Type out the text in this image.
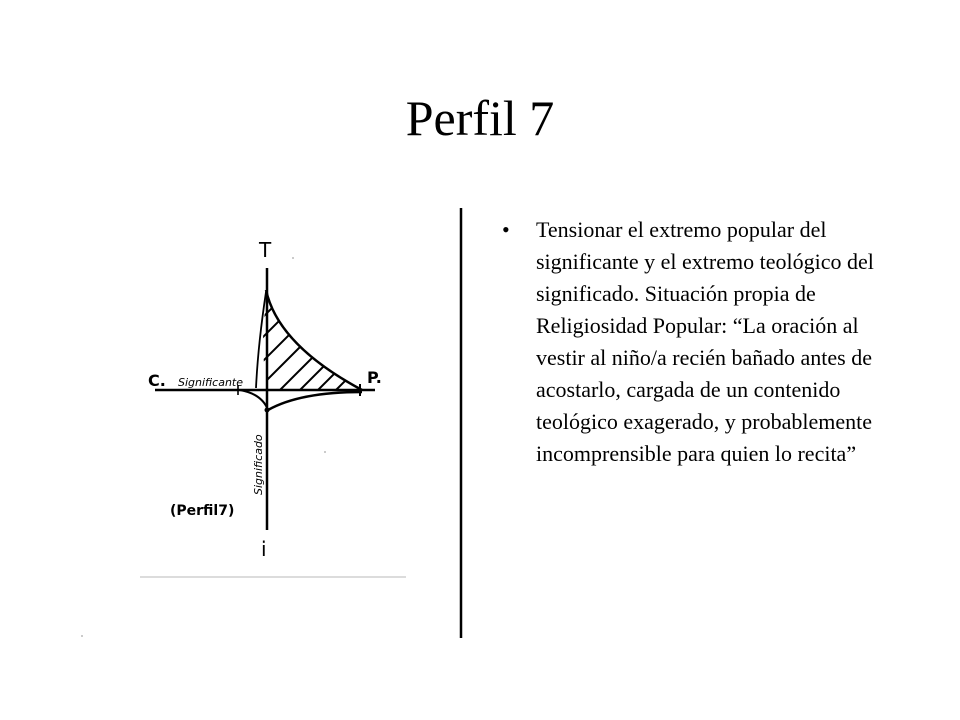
Perfil 7
T
i
C.	P.
Significante
Significado
(Perfil7)
• Tensionar el extremo popular del significante y el extremo teológico del significado. Situación propia de Religiosidad Popular: “La oración al vestir al niño/a recién bañado antes de acostarlo, cargada de un contenido teológico exagerado, y probablemente incomprensible para quien lo recita”
